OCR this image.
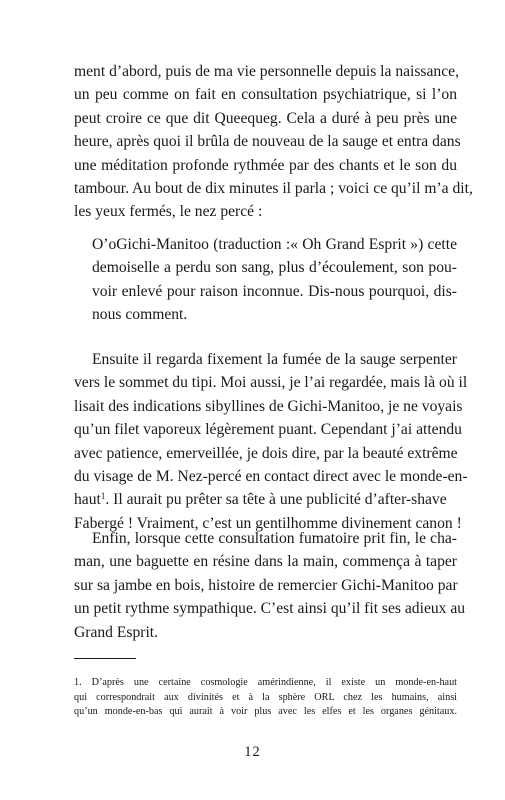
ment d’abord, puis de ma vie personnelle depuis la naissance,
un peu comme on fait en consultation psychiatrique, si l’on
peut croire ce que dit Queequeg. Cela a duré à peu près une
heure, après quoi il brûla de nouveau de la sauge et entra dans
une méditation profonde rythmée par des chants et le son du
tambour. Au bout de dix minutes il parla ; voici ce qu’il m’a dit,
les yeux fermés, le nez percé :
O’oGichi-Manitoo (traduction :« Oh Grand Esprit ») cette
demoiselle a perdu son sang, plus d’écoulement, son pou-
voir enlevé pour raison inconnue. Dis-nous pourquoi, dis-
nous comment.
Ensuite il regarda fixement la fumée de la sauge serpenter
vers le sommet du tipi. Moi aussi, je l’ai regardée, mais là où il
lisait des indications sibyllines de Gichi-Manitoo, je ne voyais
qu’un filet vaporeux légèrement puant. Cependant j’ai attendu
avec patience, emerveillée, je dois dire, par la beauté extrême
du visage de M. Nez-percé en contact direct avec le monde-en-
haut$^1$. Il aurait pu prêter sa tête à une publicité d’after-shave
Fabergé ! Vraiment, c’est un gentilhomme divinement canon !
Enfin, lorsque cette consultation fumatoire prit fin, le cha-
man, une baguette en résine dans la main, commença à taper
sur sa jambe en bois, histoire de remercier Gichi-Manitoo par
un petit rythme sympathique. C’est ainsi qu’il fit ses adieux au
Grand Esprit.
1. D’après une certaine cosmologie amérindienne, il existe un monde-en-haut
qui correspondrait aux divinités et à la sphère ORL chez les humains, ainsi
qu’un monde-en-bas qui aurait à voir plus avec les elfes et les organes génitaux.
12
